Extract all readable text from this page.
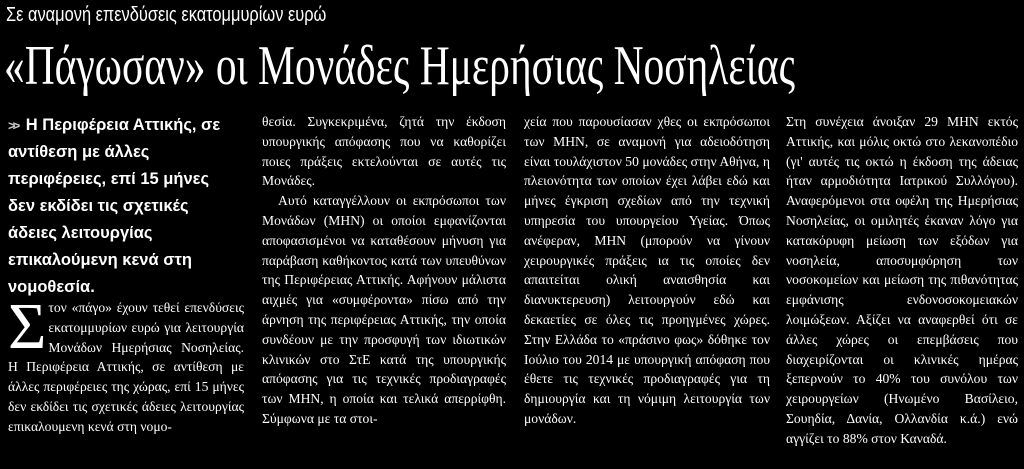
Σε αναμονή επενδύσεις εκατομμυρίων ευρώ
«Πάγωσαν» οι Μονάδες Ημερήσιας Νοσηλείας

>> Η Περιφέρεια Αττικής, σε αντίθεση με άλλες περιφέρειες, επί 15 μήνες δεν εκδίδει τις σχετικές άδειες λειτουργίας επικαλούμενη κενά στη νομοθεσία.

Σ τον «πάγο» έχουν τεθεί επενδύσεις εκατομμυρίων ευρώ για λειτουργία Μονάδων Ημερήσιας Νοσηλείας. Η Περιφέρεια Αττικής, σε αντίθεση με άλλες περιφέρειες της χώρας, επί 15 μήνες δεν εκδίδει τις σχετικές άδειες λειτουργίας επικαλουμενη κενά στη νομο-

θεσία. Συγκεκριμένα, ζητά την έκδοση υπουργικής απόφασης που να καθορίζει ποιες πράξεις εκτελούνται σε αυτές τις Μονάδες.

Αυτό καταγγέλλουν οι εκπρόσωποι των Μονάδων (ΜΗΝ) οι οποίοι εμφανίζονται αποφασισμένοι να καταθέσουν μήνυση για παράβαση καθήκοντος κατά των υπευθύνων της Περιφέρειας Αττικής. Αφήνουν μάλιστα αιχμές για «συμφέροντα» πίσω από την άρνηση της περιφέρειας Αττικής, την οποία συνδέουν με την προσφυγή των ιδιωτικών κλινικών στο ΣτΕ κατά της υπουργικής απόφασης για τις τεχνικές προδιαγραφές των ΜΗΝ, η οποία και τελικά απερρίφθη. Σύμφωνα με τα στοι-

χεία που παρουσίασαν χθες οι εκπρόσωποι των ΜΗΝ, σε αναμονή για αδειοδότηση είναι τουλάχιστον 50 μονάδες στην Αθήνα, η πλειονότητα των οποίων έχει λάβει εδώ και μήνες έγκριση σχεδίων από την τεχνική υπηρεσία του υπουργείου Υγείας. Όπως ανέφεραν, ΜΗΝ (μπορούν να γίνουν χειρουργικές πράξεις ια τις οποίες δεν απαιτείται ολική αναισθησία και διανυκτερευση) λειτουργούν εδώ και δεκαετίες σε όλες τις προηγμένες χώρες. Στην Ελλάδα το «πράσινο φως» δόθηκε τον Ιούλιο του 2014 με υπουργική απόφαση που έθετε τις τεχνικές προδιαγραφές για τη δημιουργία και τη νόμιμη λειτουργία των μονάδων.

Στη συνέχεια άνοιξαν 29 ΜΗΝ εκτός Αττικής, και μόλις οκτώ στο λεκανοπέδιο (γι' αυτές τις οκτώ η έκδοση της άδειας ήταν αρμοδιότητα Ιατρικού Συλλόγου). Αναφερόμενοι στα οφέλη της Ημερήσιας Νοσηλείας, οι ομιλητές έκαναν λόγο για κατακόρυφη μείωση των εξόδων για νοσηλεία, αποσυμφόρηση των νοσοκομείων και μείωση της πιθανότητας εμφάνισης ενδονοσοκομειακών λοιμώξεων. Αξίζει να αναφερθεί ότι σε άλλες χώρες οι επεμβάσεις που διαχειρίζονται οι κλινικές ημέρας ξεπερνούν το 40% του συνόλου των χειρουργείων (Ηνωμένο Βασίλειο, Σουηδία, Δανία, Ολλανδία κ.ά.) ενώ αγγίζει το 88% στον Καναδά.
